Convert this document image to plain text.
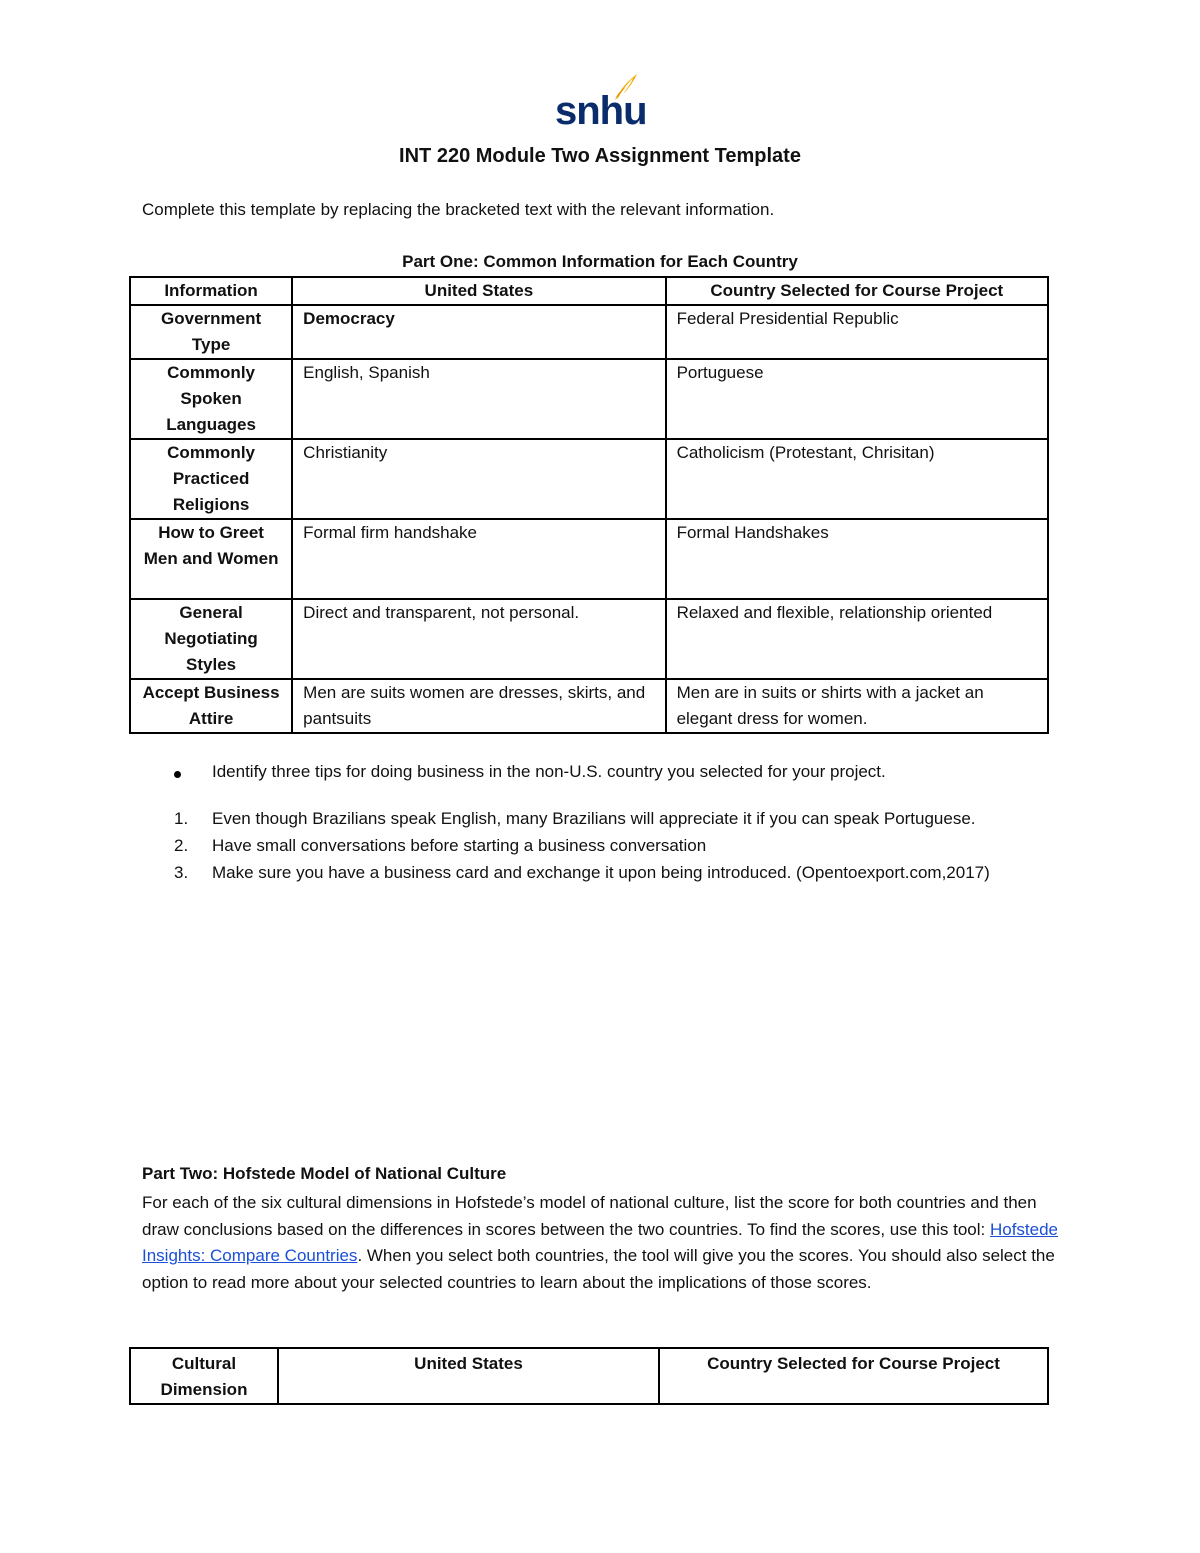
snhu
INT 220 Module Two Assignment Template
Complete this template by replacing the bracketed text with the relevant information.
Part One: Common Information for Each Country
Information	United States	Country Selected for Course Project
Government Type	Democracy	Federal Presidential Republic
Commonly Spoken Languages	English, Spanish	Portuguese
Commonly Practiced Religions	Christianity	Catholicism (Protestant, Chrisitan)
How to Greet Men and Women	Formal firm handshake	Formal Handshakes
General Negotiating Styles	Direct and transparent, not personal.	Relaxed and flexible, relationship oriented
Accept Business Attire	Men are suits women are dresses, skirts, and pantsuits	Men are in suits or shirts with a jacket an elegant dress for women.
Identify three tips for doing business in the non-U.S. country you selected for your project.
1. Even though Brazilians speak English, many Brazilians will appreciate it if you can speak Portuguese.
2. Have small conversations before starting a business conversation
3. Make sure you have a business card and exchange it upon being introduced. (Opentoexport.com,2017)
Part Two: Hofstede Model of National Culture
For each of the six cultural dimensions in Hofstede’s model of national culture, list the score for both countries and then draw conclusions based on the differences in scores between the two countries. To find the scores, use this tool: Hofstede Insights: Compare Countries. When you select both countries, the tool will give you the scores. You should also select the option to read more about your selected countries to learn about the implications of those scores.
Cultural Dimension	United States	Country Selected for Course Project
